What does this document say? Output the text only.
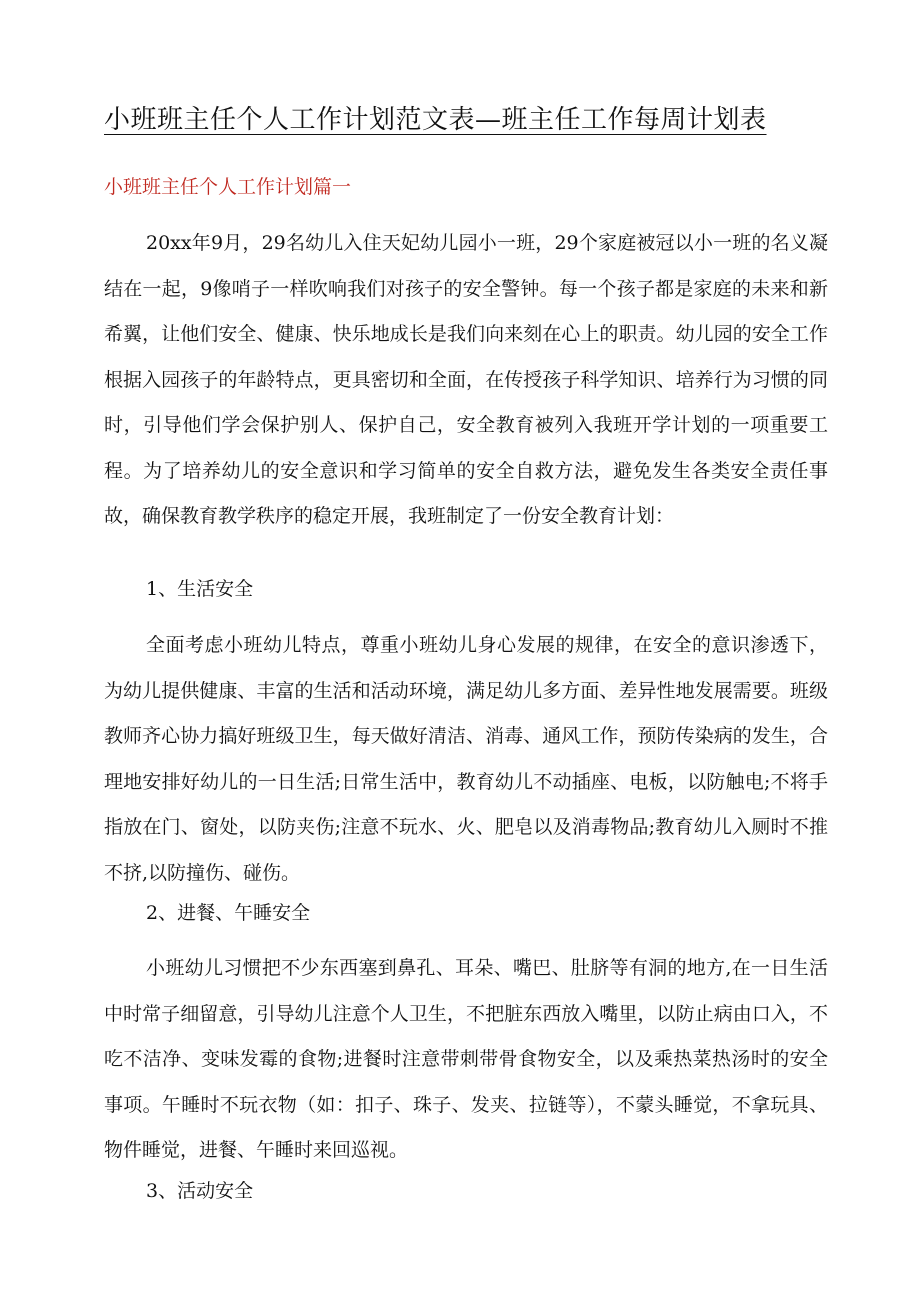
小班班主任个人工作计划范文表—班主任工作每周计划表
小班班主任个人工作计划篇一

20xx年9月，29名幼儿入住天妃幼儿园小一班，29个家庭被冠以小一班的名义凝结在一起，9像哨子一样吹响我们对孩子的安全警钟。每一个孩子都是家庭的未来和新希翼，让他们安全、健康、快乐地成长是我们向来刻在心上的职责。幼儿园的安全工作根据入园孩子的年龄特点，更具密切和全面，在传授孩子科学知识、培养行为习惯的同时，引导他们学会保护别人、保护自己，安全教育被列入我班开学计划的一项重要工程。为了培养幼儿的安全意识和学习简单的安全自救方法，避免发生各类安全责任事故，确保教育教学秩序的稳定开展，我班制定了一份安全教育计划：

1、生活安全

全面考虑小班幼儿特点，尊重小班幼儿身心发展的规律，在安全的意识渗透下，为幼儿提供健康、丰富的生活和活动环境，满足幼儿多方面、差异性地发展需要。班级教师齐心协力搞好班级卫生，每天做好清洁、消毒、通风工作，预防传染病的发生，合理地安排好幼儿的一日生活;日常生活中，教育幼儿不动插座、电板，以防触电;不将手指放在门、窗处，以防夹伤;注意不玩水、火、肥皂以及消毒物品;教育幼儿入厕时不推不挤,以防撞伤、碰伤。

2、进餐、午睡安全

小班幼儿习惯把不少东西塞到鼻孔、耳朵、嘴巴、肚脐等有洞的地方,在一日生活中时常子细留意，引导幼儿注意个人卫生，不把脏东西放入嘴里，以防止病由口入，不吃不洁净、变味发霉的食物;进餐时注意带刺带骨食物安全，以及乘热菜热汤时的安全事项。午睡时不玩衣物（如：扣子、珠子、发夹、拉链等），不蒙头睡觉，不拿玩具、物件睡觉，进餐、午睡时来回巡视。

3、活动安全
